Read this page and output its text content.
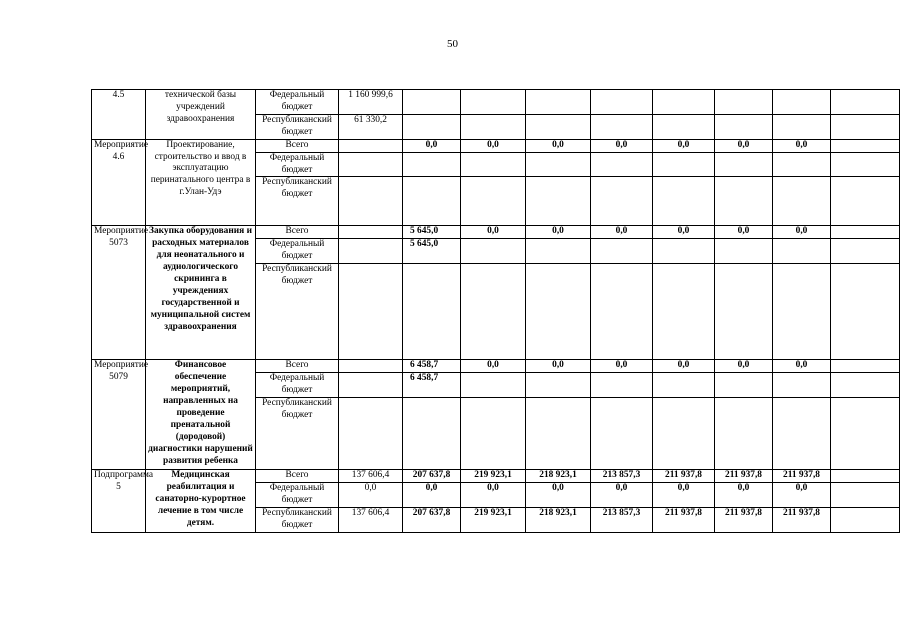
50
4.5	технической базы учреждений здравоохранения	Федеральный бюджет	1 160 999,6								
		Республиканский бюджет	61 330,2								
Мероприятие 4.6	Проектирование, строительство и ввод в эксплуатацию перинатального центра в г.Улан-Удэ	Всего		0,0	0,0	0,0	0,0	0,0	0,0	0,0	
		Федеральный бюджет									
		Республиканский бюджет									
Мероприятие 5073	Закупка оборудования и расходных материалов для неонатального и аудиологического скрининга в учреждениях государственной и муниципальной систем здравоохранения	Всего		5 645,0	0,0	0,0	0,0	0,0	0,0	0,0	
		Федеральный бюджет		5 645,0							
		Республиканский бюджет									
Мероприятие 5079	Финансовое обеспечение мероприятий, направленных на проведение пренатальной (дородовой) диагностики нарушений развития ребенка	Всего		6 458,7	0,0	0,0	0,0	0,0	0,0	0,0	
		Федеральный бюджет		6 458,7							
		Республиканский бюджет									
Подпрограмма 5	Медицинская реабилитация и санаторно-курортное лечение в том числе детям.	Всего	137 606,4	207 637,8	219 923,1	218 923,1	213 857,3	211 937,8	211 937,8	211 937,8	
		Федеральный бюджет	0,0	0,0	0,0	0,0	0,0	0,0	0,0	0,0	
		Республиканский бюджет	137 606,4	207 637,8	219 923,1	218 923,1	213 857,3	211 937,8	211 937,8	211 937,8	
